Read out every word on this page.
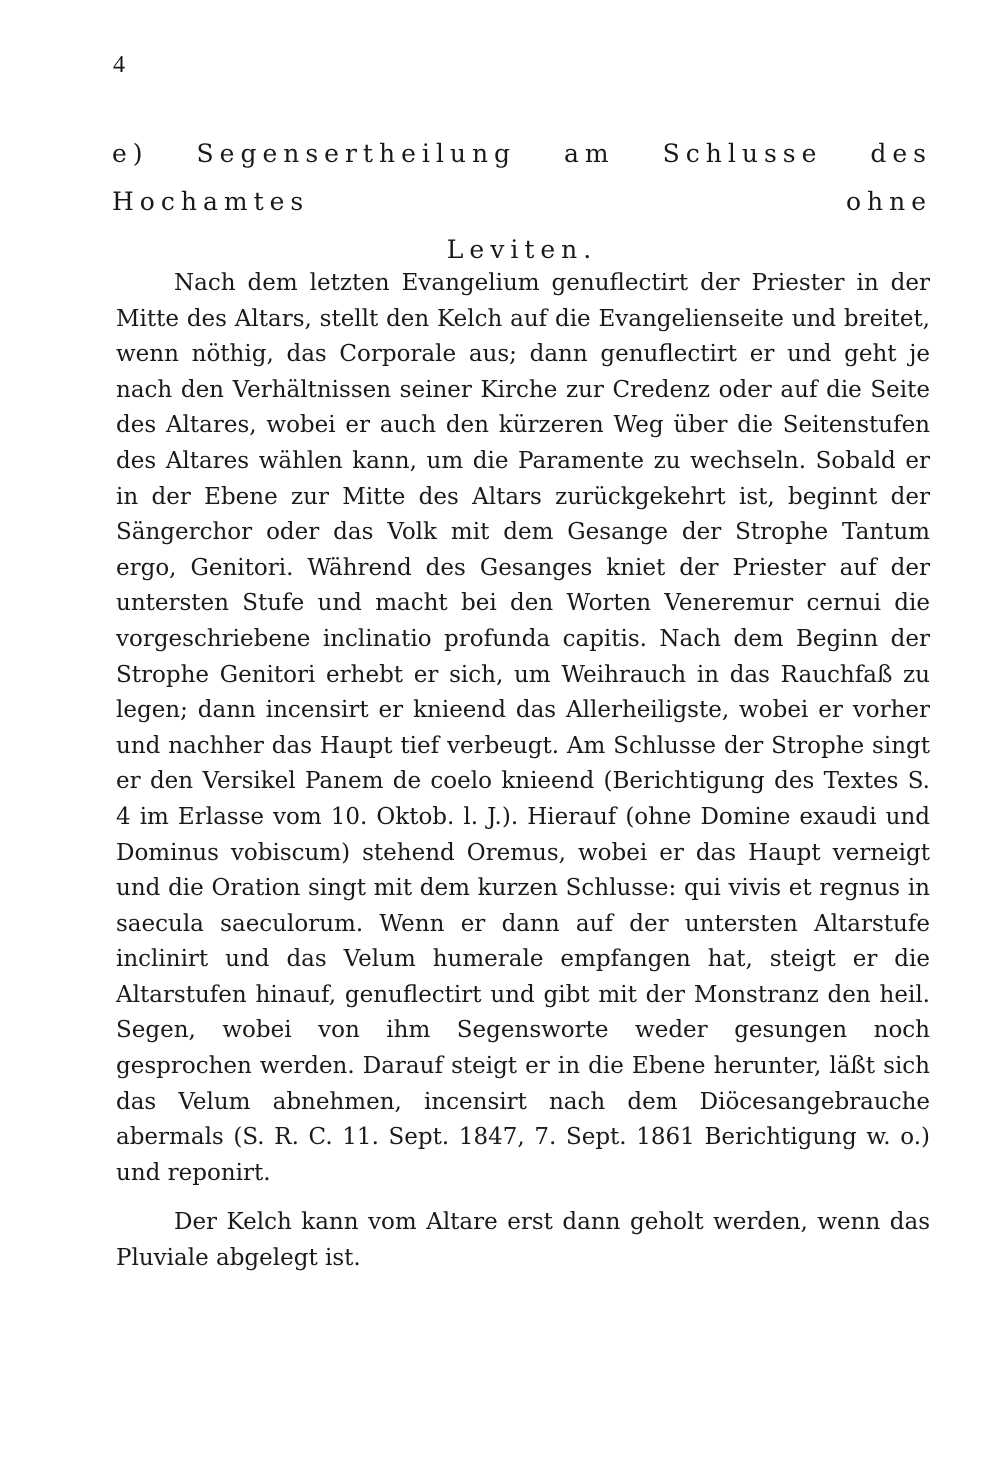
4
e) Segensertheilung am Schlusse des Hochamtes ohne
Leviten.

Nach dem letzten Evangelium genuflectirt der Priester in der Mitte des Altars, stellt den Kelch auf die Evangelienseite und breitet, wenn nöthig, das Corporale aus; dann genuflectirt er und geht je nach den Verhältnissen seiner Kirche zur Credenz oder auf die Seite des Altares, wobei er auch den kürzeren Weg über die Seitenstufen des Altares wählen kann, um die Paramente zu wechseln. Sobald er in der Ebene zur Mitte des Altars zurückgekehrt ist, beginnt der Sängerchor oder das Volk mit dem Gesange der Strophe Tantum ergo, Genitori. Während des Gesanges kniet der Priester auf der untersten Stufe und macht bei den Worten Veneremur cernui die vorgeschriebene inclinatio profunda capitis. Nach dem Beginn der Strophe Genitori erhebt er sich, um Weihrauch in das Rauchfaß zu legen; dann incensirt er knieend das Allerheiligste, wobei er vorher und nachher das Haupt tief verbeugt. Am Schlusse der Strophe singt er den Versikel Panem de coelo knieend (Berichtigung des Textes S. 4 im Erlasse vom 10. Oktob. l. J.). Hierauf (ohne Domine exaudi und Dominus vobiscum) stehend Oremus, wobei er das Haupt verneigt und die Oration singt mit dem kurzen Schlusse: qui vivis et regnus in saecula saeculorum. Wenn er dann auf der untersten Altarstufe inclinirt und das Velum humerale empfangen hat, steigt er die Altarstufen hinauf, genuflectirt und gibt mit der Monstranz den heil. Segen, wobei von ihm Segensworte weder gesungen noch gesprochen werden. Darauf steigt er in die Ebene herunter, läßt sich das Velum abnehmen, incensirt nach dem Diöcesangebrauche abermals (S. R. C. 11. Sept. 1847, 7. Sept. 1861 Berichtigung w. o.) und reponirt.

Der Kelch kann vom Altare erst dann geholt werden, wenn das Pluviale abgelegt ist.
